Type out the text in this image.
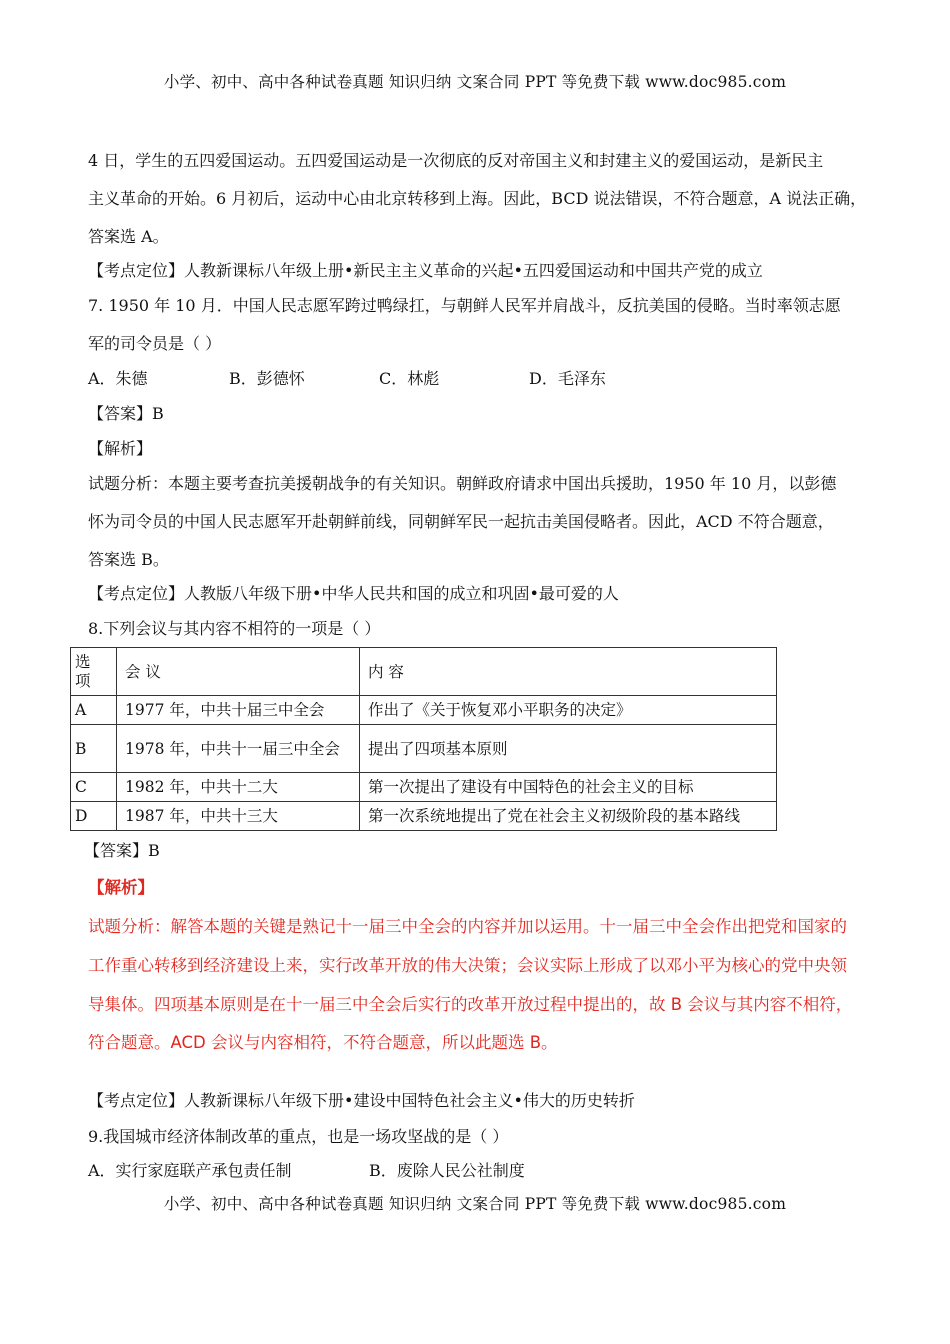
小学、初中、高中各种试卷真题 知识归纳 文案合同 PPT 等免费下载 www.doc985.com
4 日，学生的五四爱国运动。五四爱国运动是一次彻底的反对帝国主义和封建主义的爱国运动，是新民主
主义革命的开始。6 月初后，运动中心由北京转移到上海。因此，BCD 说法错误，不符合题意，A 说法正确，
答案选 A。
【考点定位】人教新课标八年级上册•新民主主义革命的兴起•五四爱国运动和中国共产党的成立
7. 1950 年 10 月．中国人民志愿军跨过鸭绿扛，与朝鲜人民军并肩战斗，反抗美国的侵略。当时率领志愿
军的司令员是（ ）
A．朱德	B．彭德怀	C．林彪	D．毛泽东
【答案】B
【解析】
试题分析：本题主要考查抗美援朝战争的有关知识。朝鲜政府请求中国出兵援助，1950 年 10 月，以彭德
怀为司令员的中国人民志愿军开赴朝鲜前线，同朝鲜军民一起抗击美国侵略者。因此，ACD 不符合题意，
答案选 B。
【考点定位】人教版八年级下册•中华人民共和国的成立和巩固•最可爱的人
8.下列会议与其内容不相符的一项是（ ）
选项	会 议	内 容
A	1977 年，中共十届三中全会	作出了《关于恢复邓小平职务的决定》
B	1978 年，中共十一届三中全会	提出了四项基本原则
C	1982 年，中共十二大	第一次提出了建设有中国特色的社会主义的目标
D	1987 年，中共十三大	第一次系统地提出了党在社会主义初级阶段的基本路线
【答案】B
【解析】
试题分析：解答本题的关键是熟记十一届三中全会的内容并加以运用。十一届三中全会作出把党和国家的
工作重心转移到经济建设上来，实行改革开放的伟大决策；会议实际上形成了以邓小平为核心的党中央领
导集体。四项基本原则是在十一届三中全会后实行的改革开放过程中提出的，故 B 会议与其内容不相符，
符合题意。ACD 会议与内容相符，不符合题意，所以此题选 B。
【考点定位】人教新课标八年级下册•建设中国特色社会主义•伟大的历史转折
9.我国城市经济体制改革的重点，也是一场攻坚战的是（ ）
A．实行家庭联产承包责任制	B．废除人民公社制度
小学、初中、高中各种试卷真题 知识归纳 文案合同 PPT 等免费下载 www.doc985.com
